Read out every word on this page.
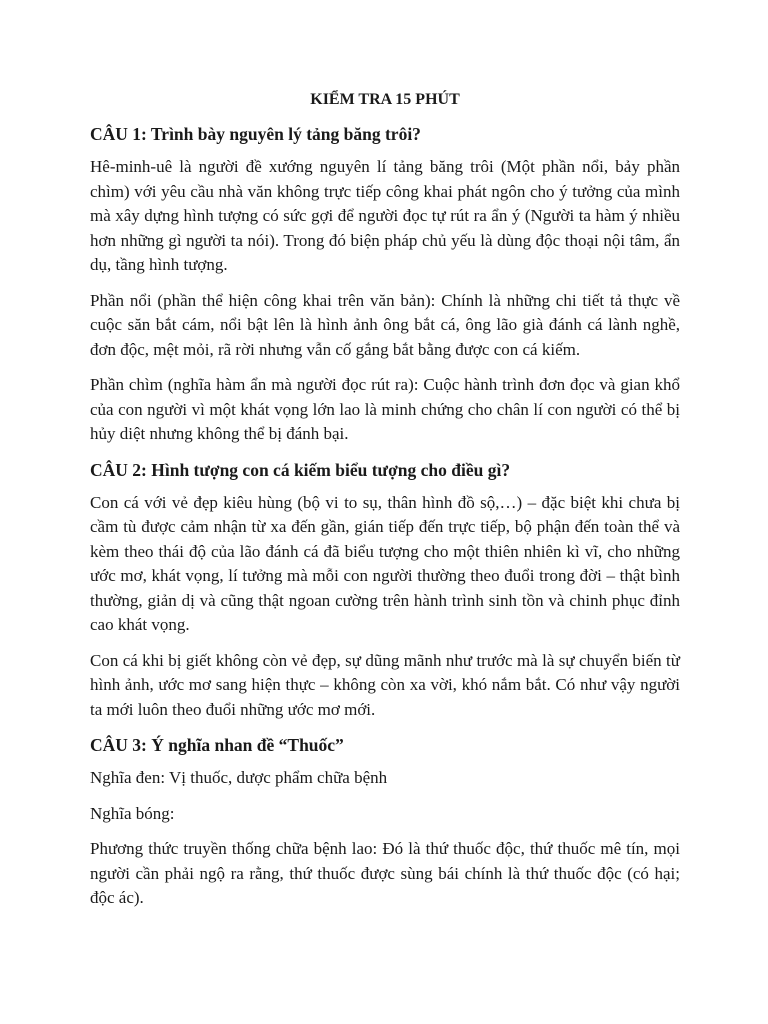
KIỂM TRA 15 PHÚT
CÂU 1: Trình bày nguyên lý tảng băng trôi?

Hê-minh-uê là người đề xướng nguyên lí tảng băng trôi (Một phần nổi, bảy phần chìm) với yêu cầu nhà văn không trực tiếp công khai phát ngôn cho ý tưởng của mình mà xây dựng hình tượng có sức gợi để người đọc tự rút ra ẩn ý (Người ta hàm ý nhiều hơn những gì người ta nói). Trong đó biện pháp chủ yếu là dùng độc thoại nội tâm, ẩn dụ, tầng hình tượng.

Phần nổi (phần thể hiện công khai trên văn bản): Chính là những chi tiết tả thực về cuộc săn bắt cám, nổi bật lên là hình ảnh ông bắt cá, ông lão già đánh cá lành nghề, đơn độc, mệt mỏi, rã rời nhưng vẫn cố gắng bắt bằng được con cá kiếm.

Phần chìm (nghĩa hàm ẩn mà người đọc rút ra): Cuộc hành trình đơn đọc và gian khổ của con người vì một khát vọng lớn lao là minh chứng cho chân lí con người có thể bị hủy diệt nhưng không thể bị đánh bại.

CÂU 2: Hình tượng con cá kiếm biểu tượng cho điều gì?

Con cá với vẻ đẹp kiêu hùng (bộ vi to sụ, thân hình đồ sộ,…) – đặc biệt khi chưa bị cầm tù được cảm nhận từ xa đến gần, gián tiếp đến trực tiếp, bộ phận đến toàn thể và kèm theo thái độ của lão đánh cá đã biểu tượng cho một thiên nhiên kì vĩ, cho những ước mơ, khát vọng, lí tưởng mà mỗi con người thường theo đuổi trong đời – thật bình thường, giản dị và cũng thật ngoan cường trên hành trình sinh tồn và chinh phục đỉnh cao khát vọng.

Con cá khi bị giết không còn vẻ đẹp, sự dũng mãnh như trước mà là sự chuyển biến từ hình ảnh, ước mơ sang hiện thực – không còn xa vời, khó nắm bắt. Có như vậy người ta mới luôn theo đuổi những ước mơ mới.

CÂU 3: Ý nghĩa nhan đề “Thuốc”

Nghĩa đen: Vị thuốc, dược phẩm chữa bệnh

Nghĩa bóng:

Phương thức truyền thống chữa bệnh lao: Đó là thứ thuốc độc, thứ thuốc mê tín, mọi người cần phải ngộ ra rằng, thứ thuốc được sùng bái chính là thứ thuốc độc (có hại; độc ác).
